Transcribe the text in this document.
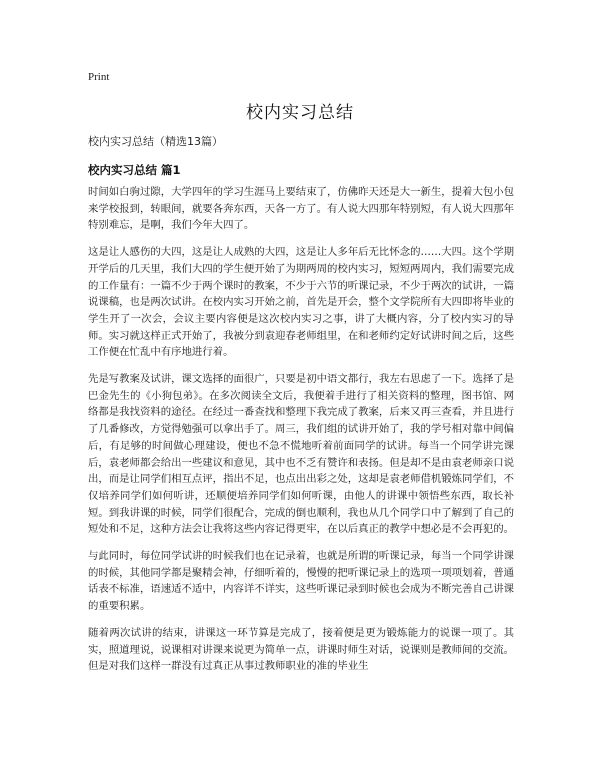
Print
校内实习总结
校内实习总结（精选13篇）
校内实习总结 篇1

时间如白驹过隙，大学四年的学习生涯马上要结束了，仿佛昨天还是大一新生，提着大包小包来学校报到，转眼间，就要各奔东西，天各一方了。有人说大四那年特别短，有人说大四那年特别难忘，是啊，我们今年大四了。

这是让人感伤的大四，这是让人成熟的大四，这是让人多年后无比怀念的……大四。这个学期开学后的几天里，我们大四的学生便开始了为期两周的校内实习，短短两周内，我们需要完成的工作量有：一篇不少于两个课时的教案，不少于六节的听课记录，不少于两次的试讲，一篇说课稿，也是两次试讲。在校内实习开始之前，首先是开会，整个文学院所有大四即将毕业的学生开了一次会，会议主要内容便是这次校内实习之事，讲了大概内容，分了校内实习的导师。实习就这样正式开始了，我被分到袁迎春老师组里，在和老师约定好试讲时间之后，这些工作便在忙乱中有序地进行着。

先是写教案及试讲，课文选择的面很广，只要是初中语文都行，我左右思虑了一下。选择了是巴金先生的《小狗包弟》。在多次阅读全文后，我便着手进行了相关资料的整理，图书馆、网络都是我找资料的途径。在经过一番查找和整理下我完成了教案，后来又再三查看，并且进行了几番修改，方觉得勉强可以拿出手了。周三，我们组的试讲开始了，我的学号相对靠中间偏后，有足够的时间做心理建设，便也不急不慌地听着前面同学的试讲。每当一个同学讲完课后，袁老师都会给出一些建议和意见，其中也不乏有赞许和表扬。但是却不是由袁老师亲口说出，而是让同学们相互点评，指出不足，也点出出彩之处，这却是袁老师借机锻炼同学们，不仅培养同学们如何听讲，还顺便培养同学们如何听课，由他人的讲课中领悟些东西，取长补短。到我讲课的时候，同学们很配合，完成的倒也顺利，我也从几个同学口中了解到了自己的短处和不足，这种方法会让我将这些内容记得更牢，在以后真正的教学中想必是不会再犯的。

与此同时，每位同学试讲的时候我们也在记录着，也就是所谓的听课记录，每当一个同学讲课的时候，其他同学都是聚精会神，仔细听着的，慢慢的把听课记录上的选项一项项划着，普通话表不标准，语速适不适中，内容详不详实，这些听课记录到时候也会成为不断完善自己讲课的重要积累。

随着两次试讲的结束，讲课这一环节算是完成了，接着便是更为锻炼能力的说课一项了。其实，照道理说，说课相对讲课来说更为简单一点，讲课时师生对话，说课则是教师间的交流。但是对我们这样一群没有过真正从事过教师职业的准的毕业生
